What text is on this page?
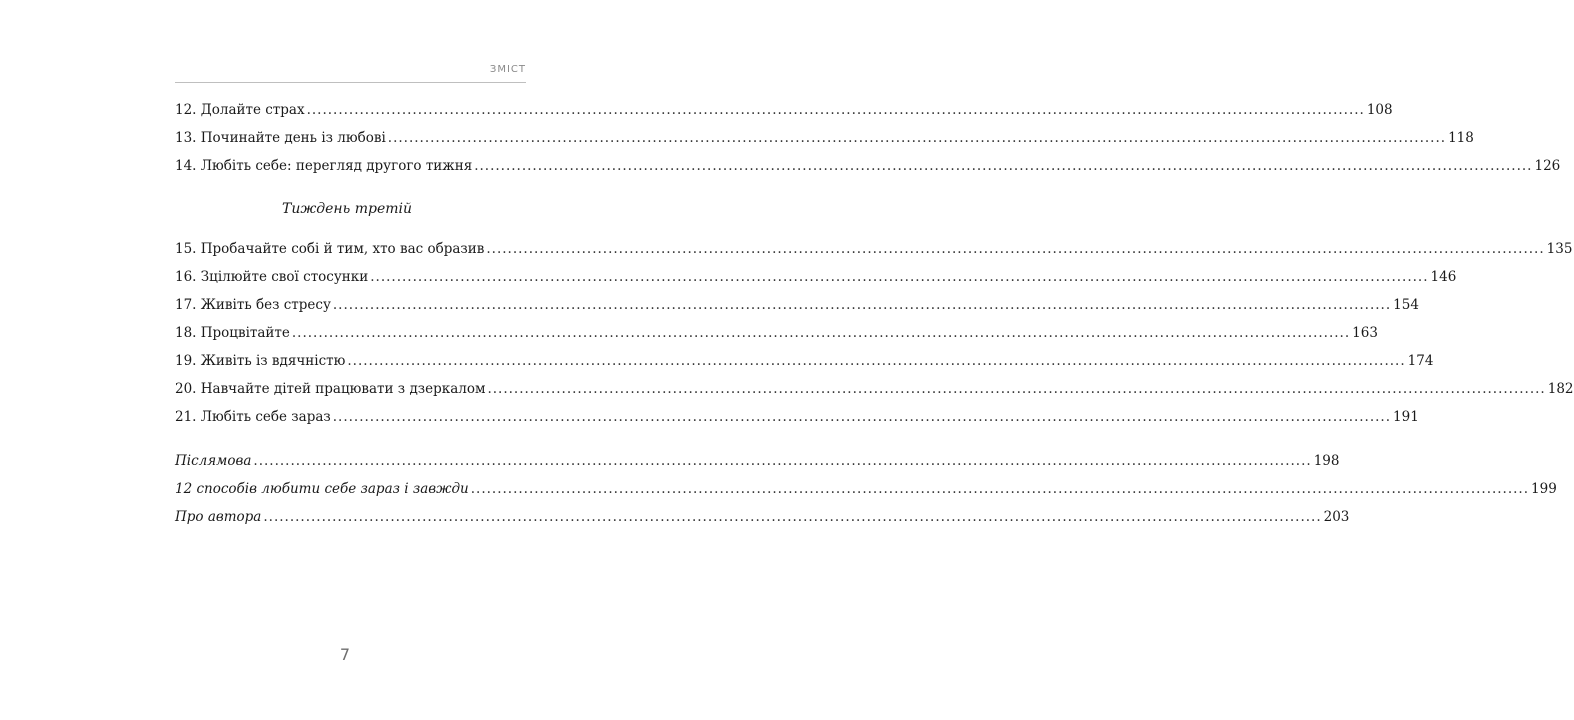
ЗМІСТ
12. Долайте страх ........................................................................................................................................................................................................ 108
13. Починайте день із любові ........................................................................................................................................................................................................ 118
14. Любіть себе: перегляд другого тижня ........................................................................................................................................................................................................ 126
Тиждень третій
15. Пробачайте собі й тим, хто вас образив ........................................................................................................................................................................................................ 135
16. Зцілюйте свої стосунки ........................................................................................................................................................................................................ 146
17. Живіть без стресу ........................................................................................................................................................................................................ 154
18. Процвітайте ........................................................................................................................................................................................................ 163
19. Живіть із вдячністю ........................................................................................................................................................................................................ 174
20. Навчайте дітей працювати з дзеркалом ........................................................................................................................................................................................................ 182
21. Любіть себе зараз ........................................................................................................................................................................................................ 191
Післямова ........................................................................................................................................................................................................ 198
12 способів любити себе зараз і завжди ........................................................................................................................................................................................................ 199
Про автора ........................................................................................................................................................................................................ 203
7
